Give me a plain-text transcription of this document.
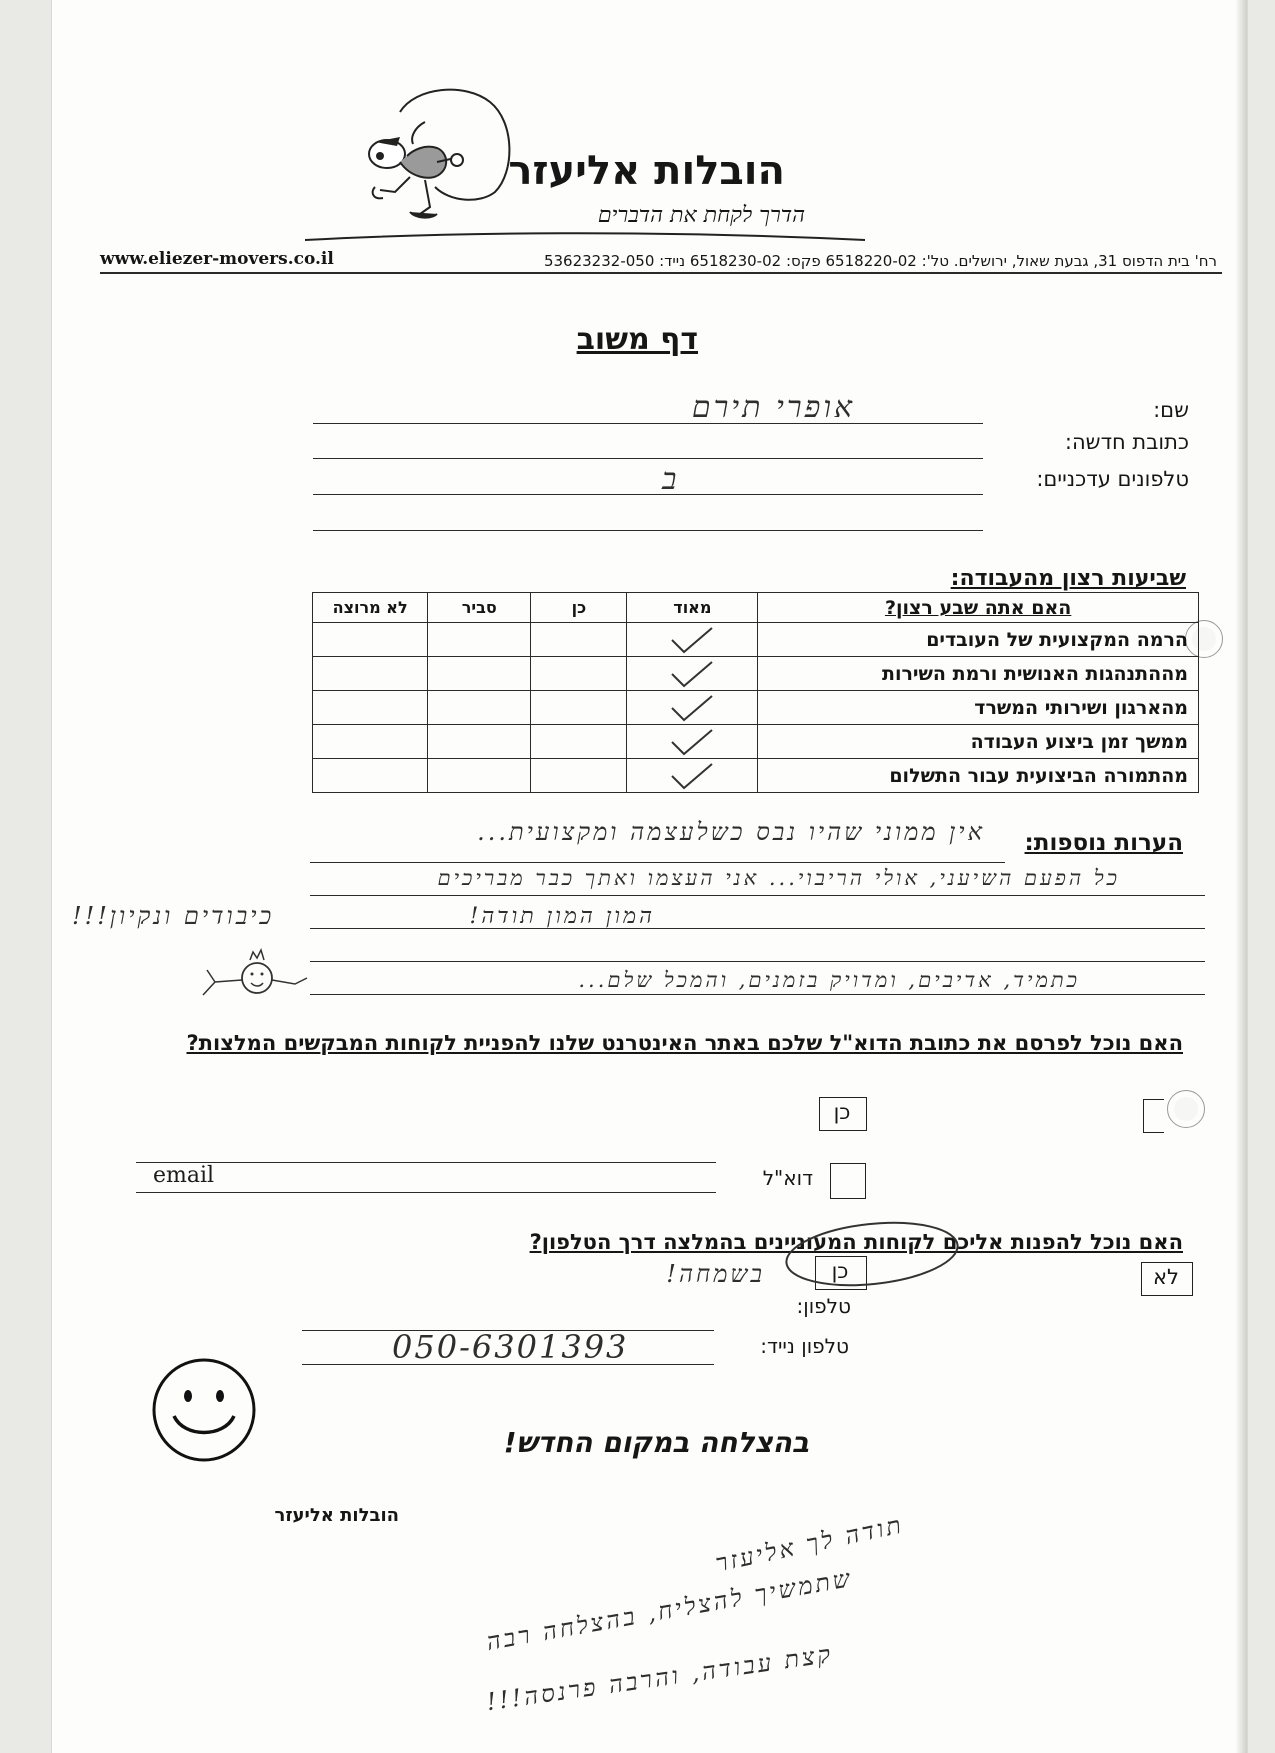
הובלות אליעזר
הדרך לקחת את הדברים
רח' בית הדפוס 31, גבעת שאול, ירושלים. טל': 6518220-02 פקס: 6518230-02 נייד: 53623232-050
www.eliezer-movers.co.il
דף משוב
שם:
אופרי תירם
כתובת חדשה:
טלפונים עדכניים:
ב
שביעות רצון מהעבודה:
האם אתה שבע רצון?	מאוד	כן	סביר	לא מרוצה
הרמה המקצועית של העובדים	

מההתנהגות האנושית ורמת השירות	

מהארגון ושירותי המשרד	

ממשך זמן ביצוע העבודה	

מהתמורה הביצועית עבור התשלום	

הערות נוספות:
אין ממוני שהיו נבס כשלעצמה ומקצועית...
כל הפעם השיעני, אולי הריבוי... אני העצמו ואתך כבר מבריכים
המון המון תודה!
כיבודים ונקיון!!!
כתמיד, אדיבים, ומדויק בזמנים, והמכל שלם...
האם נוכל לפרסם את כתובת הדוא"ל שלכם באתר האינטרנט שלנו להפניית לקוחות המבקשים המלצות?
כן
email	דוא"ל
האם נוכל להפנות אליכם לקוחות המעוניינים בהמלצה דרך הטלפון?
לא
כן
בשמחה!
טלפון:
טלפון נייד:
050-6301393
בהצלחה במקום החדש!
הובלות אליעזר	תודה לך אליעזר
שתמשיך להצליח, בהצלחה רבה
קצת עבודה, והרבה פרנסה!!!
